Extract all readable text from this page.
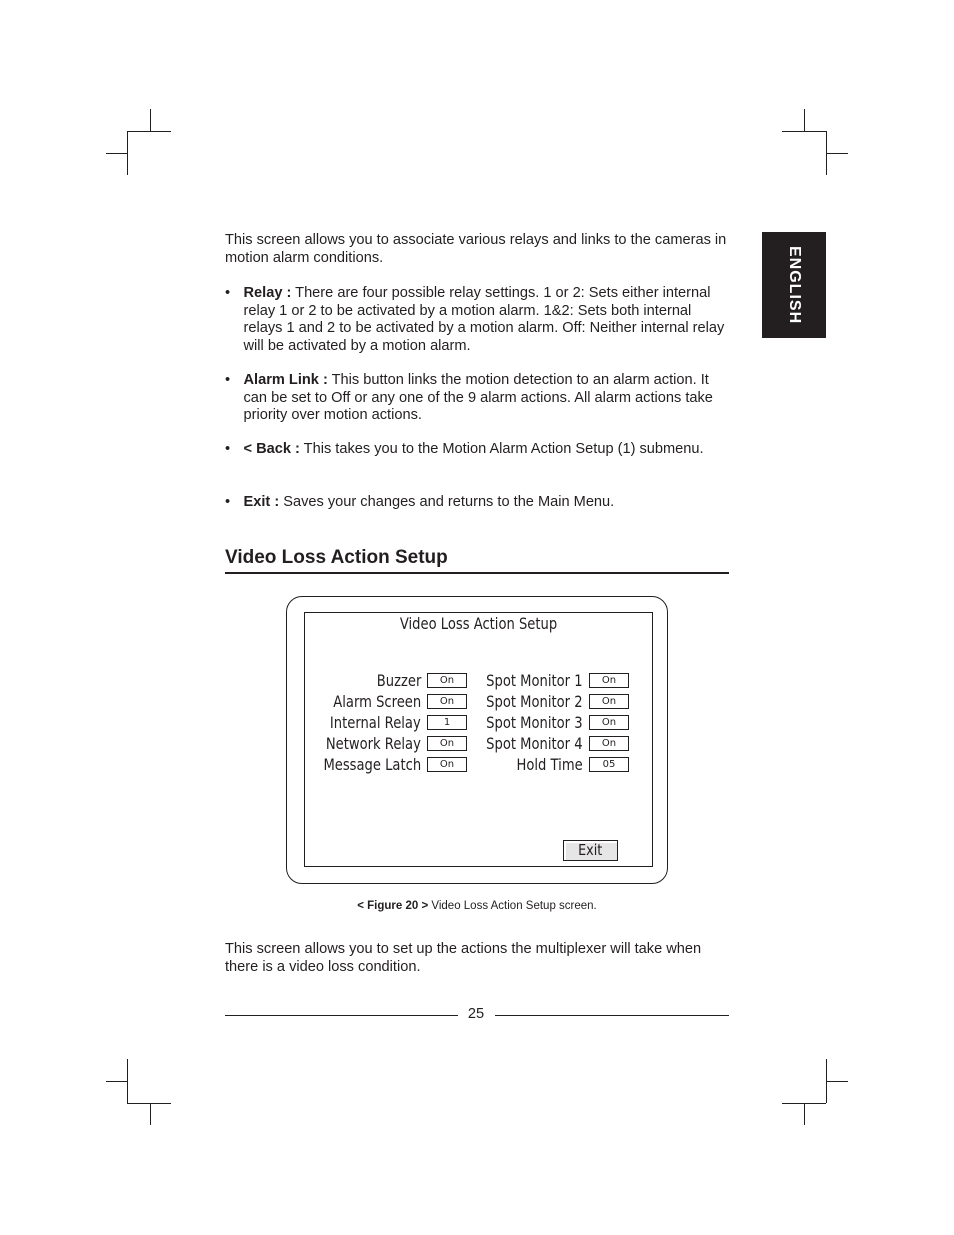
ENGLISH

This screen allows you to associate various relays and links to the cameras in motion alarm conditions.

• Relay : There are four possible relay settings. 1 or 2: Sets either internal relay 1 or 2 to be activated by a motion alarm. 1&2: Sets both internal relays 1 and 2 to be activated by a motion alarm. Off: Neither internal relay will be activated by a motion alarm.
• Alarm Link : This button links the motion detection to an alarm action. It can be set to Off or any one of the 9 alarm actions. All alarm actions take priority over motion actions.
• < Back : This takes you to the Motion Alarm Action Setup (1) submenu.
• Exit : Saves your changes and returns to the Main Menu.
Video Loss Action Setup
Video Loss Action Setup
Buzzer	On
Alarm Screen	On
Internal Relay	1
Network Relay	On
Message Latch	On
Spot Monitor 1	On
Spot Monitor 2	On
Spot Monitor 3	On
Spot Monitor 4	On
Hold Time	05
Exit
< Figure 20 > Video Loss Action Setup screen.

This screen allows you to set up the actions the multiplexer will take when there is a video loss condition.

25
